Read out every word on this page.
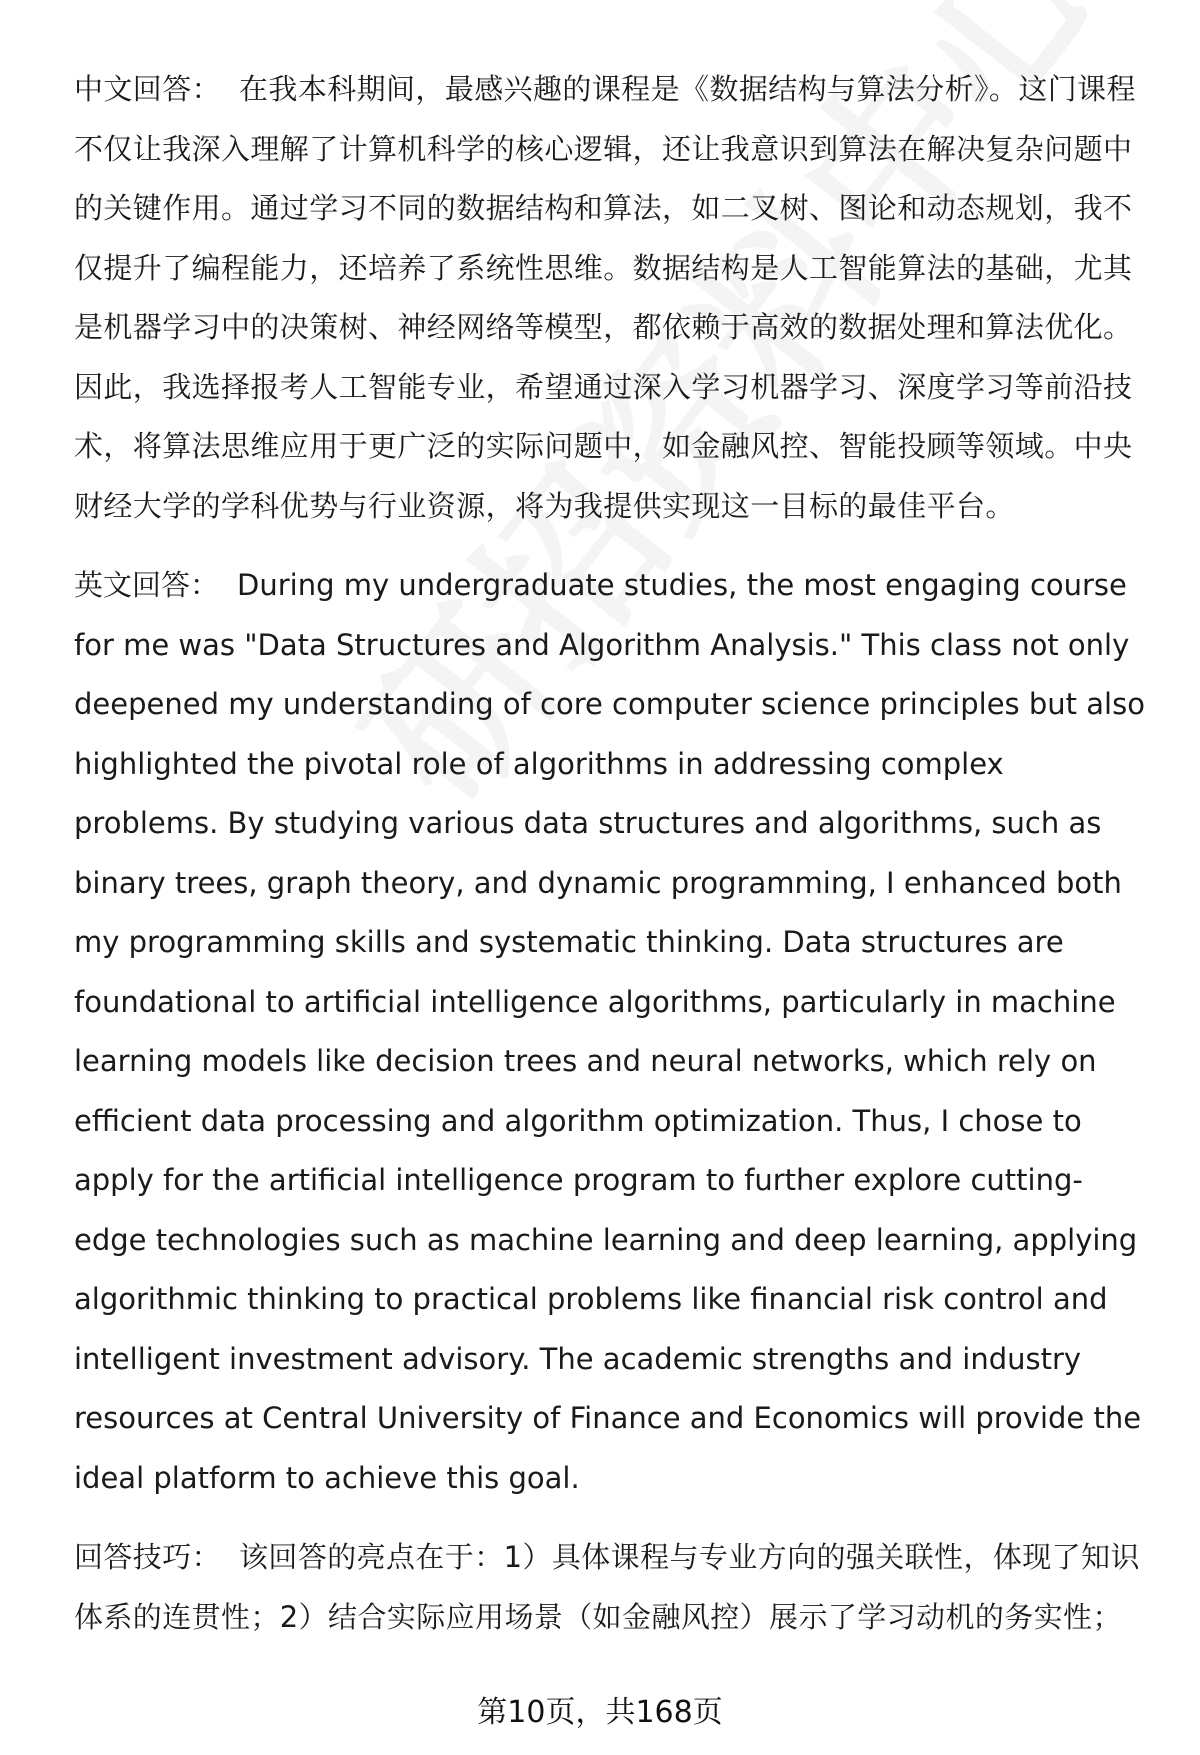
中文回答： 在我本科期间，最感兴趣的课程是《数据结构与算法分析》。这门课程不仅让我深入理解了计算机科学的核心逻辑，还让我意识到算法在解决复杂问题中的关键作用。通过学习不同的数据结构和算法，如二叉树、图论和动态规划，我不仅提升了编程能力，还培养了系统性思维。数据结构是人工智能算法的基础，尤其是机器学习中的决策树、神经网络等模型，都依赖于高效的数据处理和算法优化。因此，我选择报考人工智能专业，希望通过深入学习机器学习、深度学习等前沿技术，将算法思维应用于更广泛的实际问题中，如金融风控、智能投顾等领域。中央财经大学的学科优势与行业资源，将为我提供实现这一目标的最佳平台。

英文回答： During my undergraduate studies, the most engaging course for me was "Data Structures and Algorithm Analysis." This class not only deepened my understanding of core computer science principles but also highlighted the pivotal role of algorithms in addressing complex problems. By studying various data structures and algorithms, such as binary trees, graph theory, and dynamic programming, I enhanced both my programming skills and systematic thinking. Data structures are foundational to artificial intelligence algorithms, particularly in machine learning models like decision trees and neural networks, which rely on efficient data processing and algorithm optimization. Thus, I chose to apply for the artificial intelligence program to further explore cutting-edge technologies such as machine learning and deep learning, applying algorithmic thinking to practical problems like financial risk control and intelligent investment advisory. The academic strengths and industry resources at Central University of Finance and Economics will provide the ideal platform to achieve this goal.

回答技巧： 该回答的亮点在于：1）具体课程与专业方向的强关联性，体现了知识体系的连贯性；2）结合实际应用场景（如金融风控）展示了学习动机的务实性；

第10页，共168页
